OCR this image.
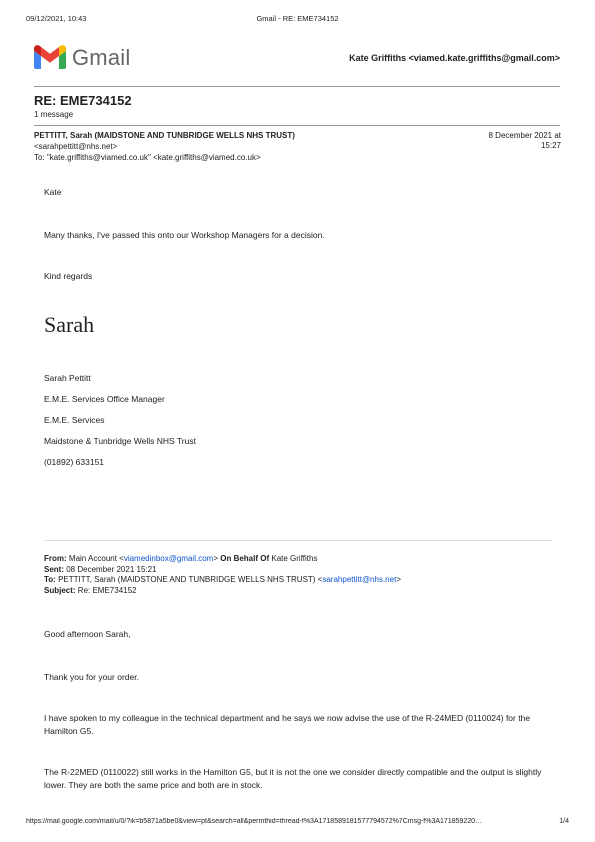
09/12/2021, 10:43	Gmail - RE: EME734152
Gmail	Kate Griffiths <viamed.kate.griffiths@gmail.com>
RE: EME734152
1 message
PETTITT, Sarah (MAIDSTONE AND TUNBRIDGE WELLS NHS TRUST)
<sarahpettitt@nhs.net>
To: "kate.griffiths@viamed.co.uk" <kate.griffiths@viamed.co.uk>
8 December 2021 at
15:27
Kate
Many thanks, I've passed this onto our Workshop Managers for a decision.
Kind regards
Sarah
Sarah Pettitt
E.M.E. Services Office Manager
E.M.E. Services
Maidstone & Tunbridge Wells NHS Trust
(01892) 633151
From: Main Account <viamedinbox@gmail.com> On Behalf Of Kate Griffiths
Sent: 08 December 2021 15:21
To: PETTITT, Sarah (MAIDSTONE AND TUNBRIDGE WELLS NHS TRUST) <sarahpettitt@nhs.net>
Subject: Re: EME734152
Good afternoon Sarah,
Thank you for your order.
I have spoken to my colleague in the technical department and he says we now advise the use of the R-24MED (0110024) for the Hamilton G5.
The R-22MED (0110022) still works in the Hamilton G5, but it is not the one we consider directly compatible and the output is slightly lower. They are both the same price and both are in stock.
https://mail.google.com/mail/u/0/?ik=b5871a5be0&view=pt&search=all&permthid=thread-f%3A1718589181577794572%7Cmsg-f%3A171859220…	1/4
